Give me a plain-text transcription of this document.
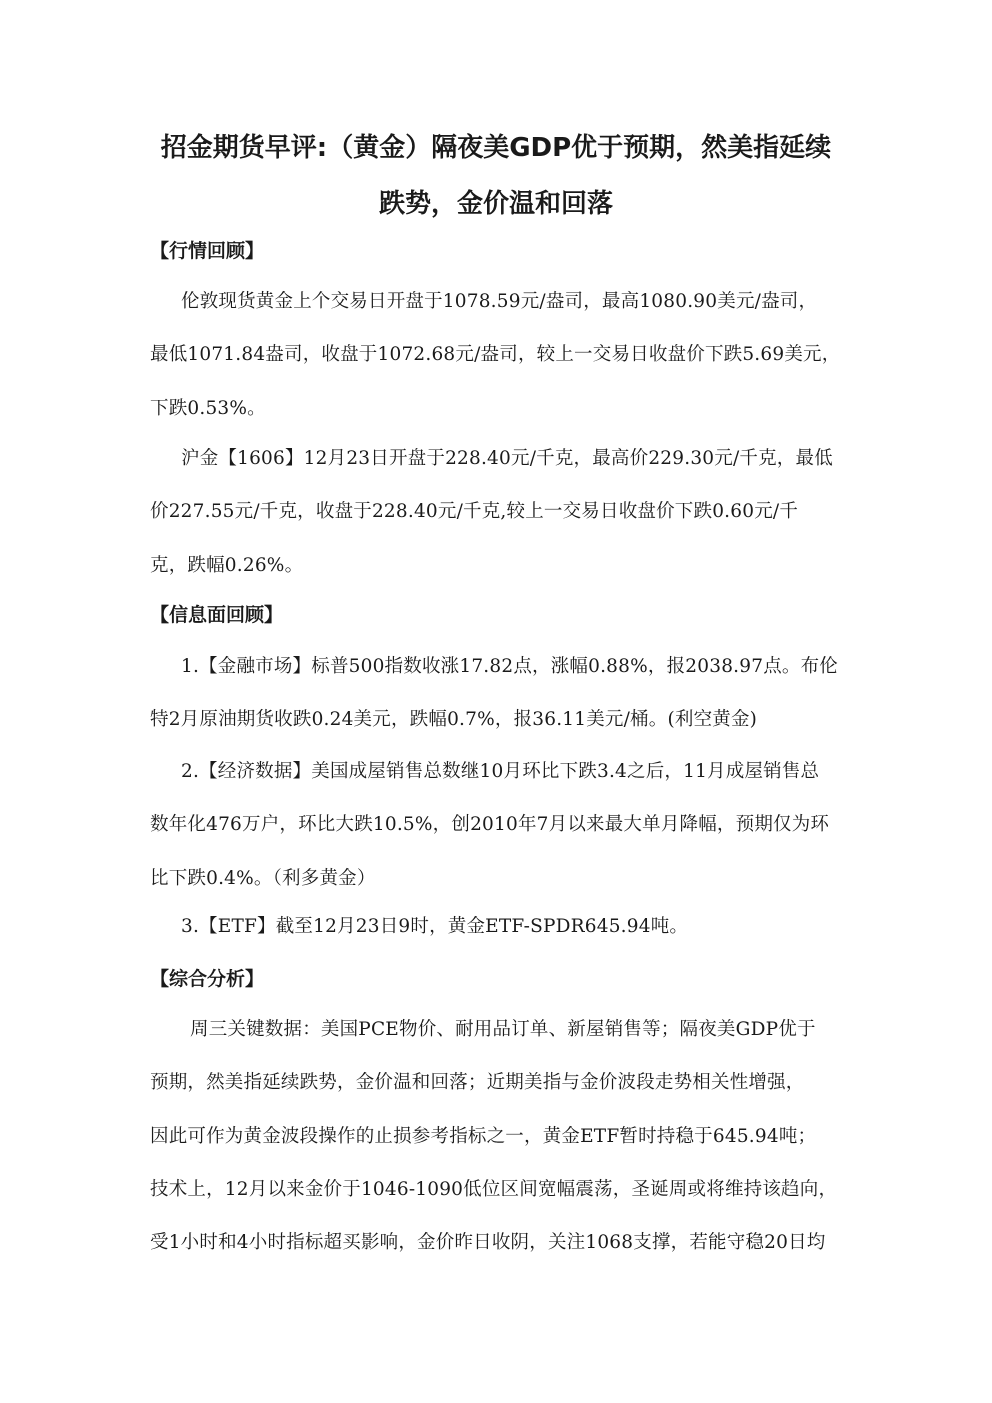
招金期货早评:（黄金）隔夜美GDP优于预期，然美指延续
跌势，金价温和回落
【行情回顾】
伦敦现货黄金上个交易日开盘于1078.59元/盎司，最高1080.90美元/盎司，
最低1071.84盎司，收盘于1072.68元/盎司，较上一交易日收盘价下跌5.69美元，
下跌0.53%。
沪金【1606】12月23日开盘于228.40元/千克，最高价229.30元/千克，最低
价227.55元/千克，收盘于228.40元/千克,较上一交易日收盘价下跌0.60元/千
克，跌幅0.26%。
【信息面回顾】
1.【金融市场】标普500指数收涨17.82点，涨幅0.88%，报2038.97点。布伦
特2月原油期货收跌0.24美元，跌幅0.7%，报36.11美元/桶。(利空黄金)
2.【经济数据】美国成屋销售总数继10月环比下跌3.4之后，11月成屋销售总
数年化476万户，环比大跌10.5%，创2010年7月以来最大单月降幅，预期仅为环
比下跌0.4%。（利多黄金）
3.【ETF】截至12月23日9时，黄金ETF-SPDR645.94吨。
【综合分析】
周三关键数据：美国PCE物价、耐用品订单、新屋销售等；隔夜美GDP优于
预期，然美指延续跌势，金价温和回落；近期美指与金价波段走势相关性增强，
因此可作为黄金波段操作的止损参考指标之一，黄金ETF暂时持稳于645.94吨；
技术上，12月以来金价于1046-1090低位区间宽幅震荡，圣诞周或将维持该趋向，
受1小时和4小时指标超买影响，金价昨日收阴，关注1068支撑，若能守稳20日均
